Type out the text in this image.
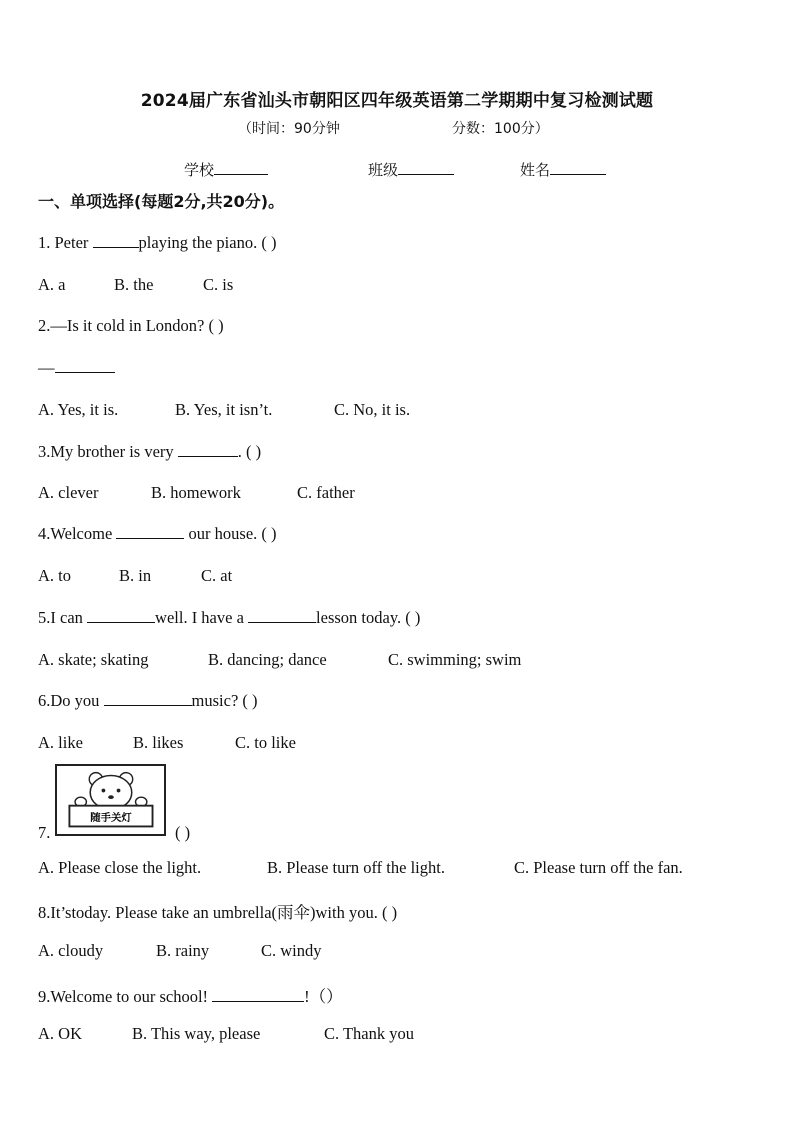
2024届广东省汕头市朝阳区四年级英语第二学期期中复习检测试题
（时间：90分钟	分数：100分）
学校	班级	姓名
一、单项选择(每题2分,共20分)。
1. Peter	playing the piano. ( )
A. a	B. the	C. is
2.—Is it cold in London? ( )
—
A. Yes, it is.	B. Yes, it isn’t.	C. No, it is.
3.My brother is very	. ( )
A. clever	B. homework	C. father
4.Welcome	our house. ( )
A. to	B. in	C. at
5.I can	well. I have a	lesson today. ( )
A. skate; skating	B. dancing; dance	C. swimming; swim
6.Do you	music? ( )
A. like	B. likes	C. to like
随手关灯
7.	( )
A. Please close the light.	B. Please turn off the light.	C. Please turn off the fan.
8.It’stoday. Please take an umbrella(雨伞)with you. ( )
A. cloudy	B. rainy	C. windy
9.Welcome to our school!	!（）
A. OK	B. This way, please	C. Thank you
